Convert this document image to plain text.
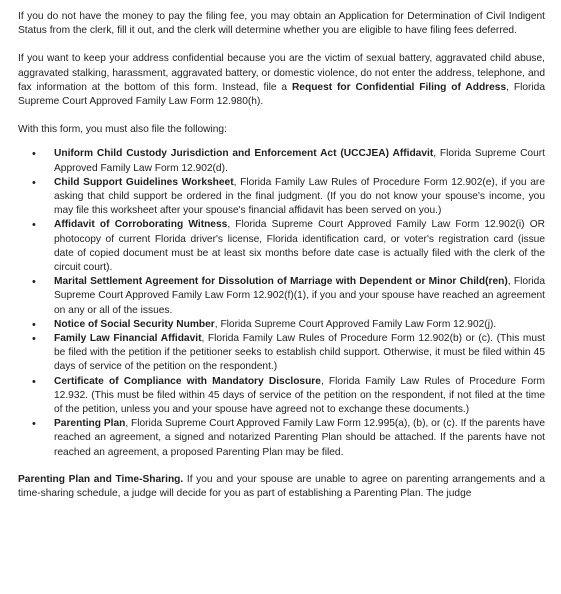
If you do not have the money to pay the filing fee, you may obtain an Application for Determination of Civil Indigent Status from the clerk, fill it out, and the clerk will determine whether you are eligible to have filing fees deferred.

If you want to keep your address confidential because you are the victim of sexual battery, aggravated child abuse, aggravated stalking, harassment, aggravated battery, or domestic violence, do not enter the address, telephone, and fax information at the bottom of this form. Instead, file a Request for Confidential Filing of Address, Florida Supreme Court Approved Family Law Form 12.980(h).

With this form, you must also file the following:

• Uniform Child Custody Jurisdiction and Enforcement Act (UCCJEA) Affidavit, Florida Supreme Court Approved Family Law Form 12.902(d).
• Child Support Guidelines Worksheet, Florida Family Law Rules of Procedure Form 12.902(e), if you are asking that child support be ordered in the final judgment. (If you do not know your spouse's income, you may file this worksheet after your spouse's financial affidavit has been served on you.)
• Affidavit of Corroborating Witness, Florida Supreme Court Approved Family Law Form 12.902(i) OR photocopy of current Florida driver's license, Florida identification card, or voter's registration card (issue date of copied document must be at least six months before date case is actually filed with the clerk of the circuit court).
• Marital Settlement Agreement for Dissolution of Marriage with Dependent or Minor Child(ren), Florida Supreme Court Approved Family Law Form 12.902(f)(1), if you and your spouse have reached an agreement on any or all of the issues.
• Notice of Social Security Number, Florida Supreme Court Approved Family Law Form 12.902(j).
• Family Law Financial Affidavit, Florida Family Law Rules of Procedure Form 12.902(b) or (c). (This must be filed with the petition if the petitioner seeks to establish child support. Otherwise, it must be filed within 45 days of service of the petition on the respondent.)
• Certificate of Compliance with Mandatory Disclosure, Florida Family Law Rules of Procedure Form 12.932. (This must be filed within 45 days of service of the petition on the respondent, if not filed at the time of the petition, unless you and your spouse have agreed not to exchange these documents.)
• Parenting Plan, Florida Supreme Court Approved Family Law Form 12.995(a), (b), or (c). If the parents have reached an agreement, a signed and notarized Parenting Plan should be attached. If the parents have not reached an agreement, a proposed Parenting Plan may be filed.

Parenting Plan and Time-Sharing. If you and your spouse are unable to agree on parenting arrangements and a time-sharing schedule, a judge will decide for you as part of establishing a Parenting Plan. The judge
